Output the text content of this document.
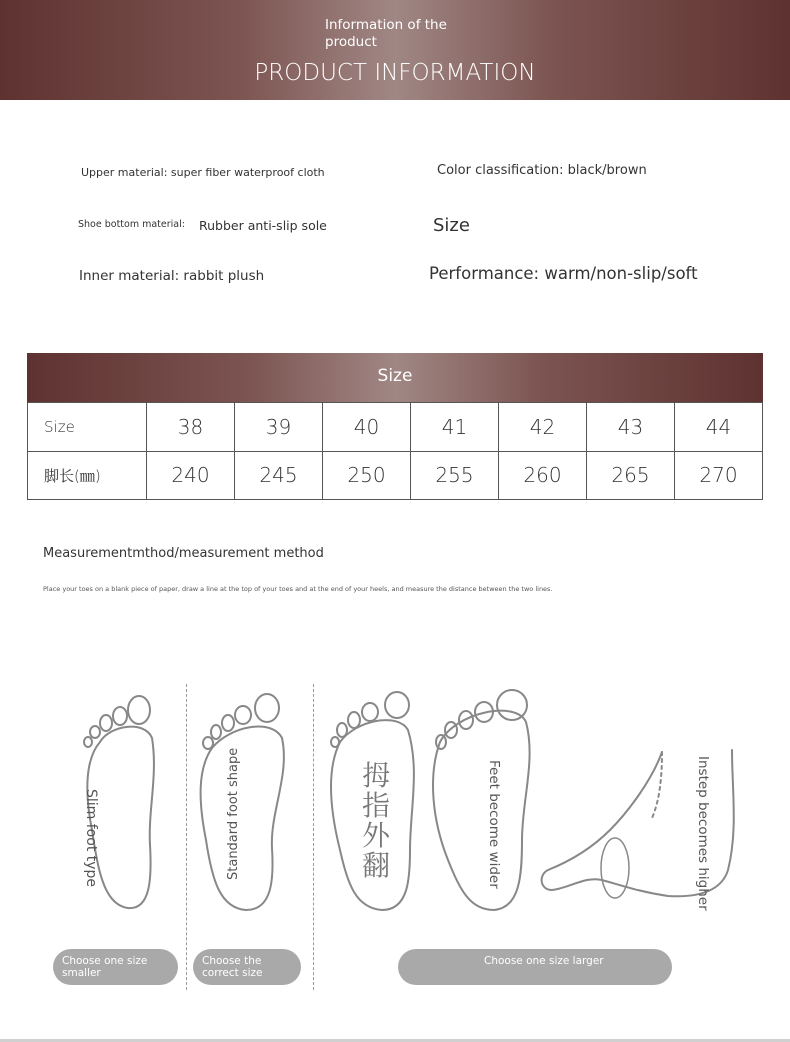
Information of the product
PRODUCT INFORMATION
Upper material: super fiber waterproof cloth	Color classification: black/brown
Shoe bottom material: Rubber anti-slip sole	Size
Inner material: rabbit plush	Performance: warm/non-slip/soft
Size
Size	38	39	40	41	42	43	44
脚长(㎜)	240	245	250	255	260	265	270
Measurementmthod/measurement method
Place your toes on a blank piece of paper, draw a line at the top of your toes and at the end of your heels, and measure the distance between the two lines.
Slim foot type	Standard foot shape	拇指外翻	Feet become wider	Instep becomes higher
Choose one size smaller
Choose the correct size
Choose one size larger
